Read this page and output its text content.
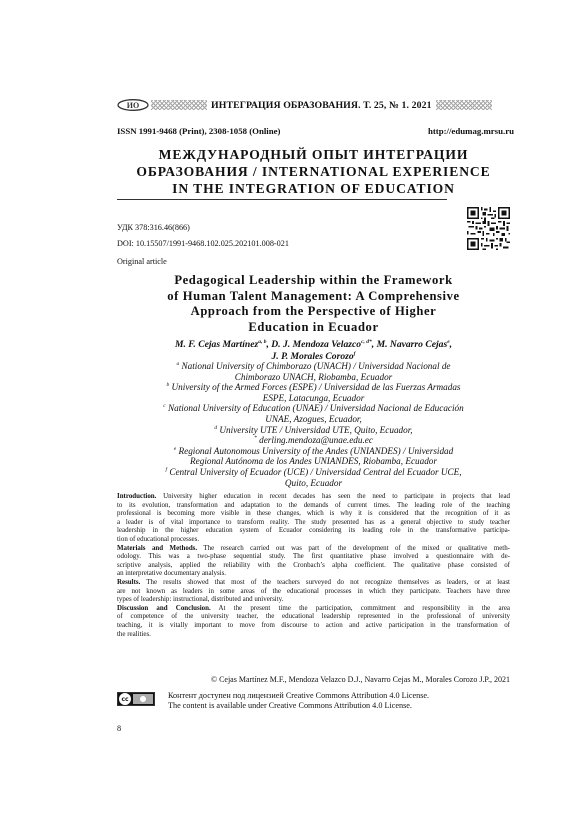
ИО	ИНТЕГРАЦИЯ ОБРАЗОВАНИЯ. Т. 25, № 1. 2021
ISSN 1991-9468 (Print), 2308-1058 (Online)	http://edumag.mrsu.ru
МЕЖДУНАРОДНЫЙ ОПЫТ ИНТЕГРАЦИИ
ОБРАЗОВАНИЯ / INTERNATIONAL EXPERIENCE
IN THE INTEGRATION OF EDUCATION
УДК 378:316.46(866)
DOI: 10.15507/1991-9468.102.025.202101.008-021
Original article
Pedagogical Leadership within the Framework
of Human Talent Management: A Comprehensive
Approach from the Perspective of Higher
Education in Ecuador
M. F. Cejas Martínez$^{a, b}$, D. J. Mendoza Velazco$^{c, d*}$, M. Navarro Cejas$^e$,
J. P. Morales Corozo$^f$
$^a$ National University of Chimborazo (UNACH) / Universidad Nacional de
Chimborazo UNACH, Riobamba, Ecuador
$^b$ University of the Armed Forces (ESPE) / Universidad de las Fuerzas Armadas
ESPE, Latacunga, Ecuador
$^c$ National University of Education (UNAE) / Universidad Nacional de Educación
UNAE, Azogues, Ecuador,
$^d$ University UTE / Universidad UTE, Quito, Ecuador,
* derling.mendoza@unae.edu.ec
$^e$ Regional Autonomous University of the Andes (UNIANDES) / Universidad
Regional Autónoma de los Andes UNIANDES, Riobamba, Ecuador
$^f$ Central University of Ecuador (UCE) / Universidad Central del Ecuador UCE,
Quito, Ecuador
Introduction. University higher education in recent decades has seen the need to participate in projects that lead
to its evolution, transformation and adaptation to the demands of current times. The leading role of the teaching
professional is becoming more visible in these changes, which is why it is considered that the recognition of it as
a leader is of vital importance to transform reality. The study presented has as a general objective to study teacher
leadership in the higher education system of Ecuador considering its leading role in the transformative participa-
tion of educational processes.
Materials and Methods. The research carried out was part of the development of the mixed or qualitative meth-
odology. This was a two-phase sequential study. The first quantitative phase involved a questionnaire with de-
scriptive analysis, applied the reliability with the Cronbach’s alpha coefficient. The qualitative phase consisted of
an interpretative documentary analysis.
Results. The results showed that most of the teachers surveyed do not recognize themselves as leaders, or at least
are not known as leaders in some areas of the educational processes in which they participate. Teachers have three
types of leadership: instructional, distributed and university.
Discussion and Conclusion. At the present time the participation, commitment and responsibility in the area
of competence of the university teacher, the educational leadership represented in the professional of university
teaching, it is vitally important to move from discourse to action and active participation in the transformation of
the realities.
© Cejas Martínez M.F., Mendoza Velazco D.J., Navarro Cejas M., Morales Corozo J.P., 2021
cc	Контент доступен под лицензией Creative Commons Attribution 4.0 License.
The content is available under Creative Commons Attribution 4.0 License.
8
